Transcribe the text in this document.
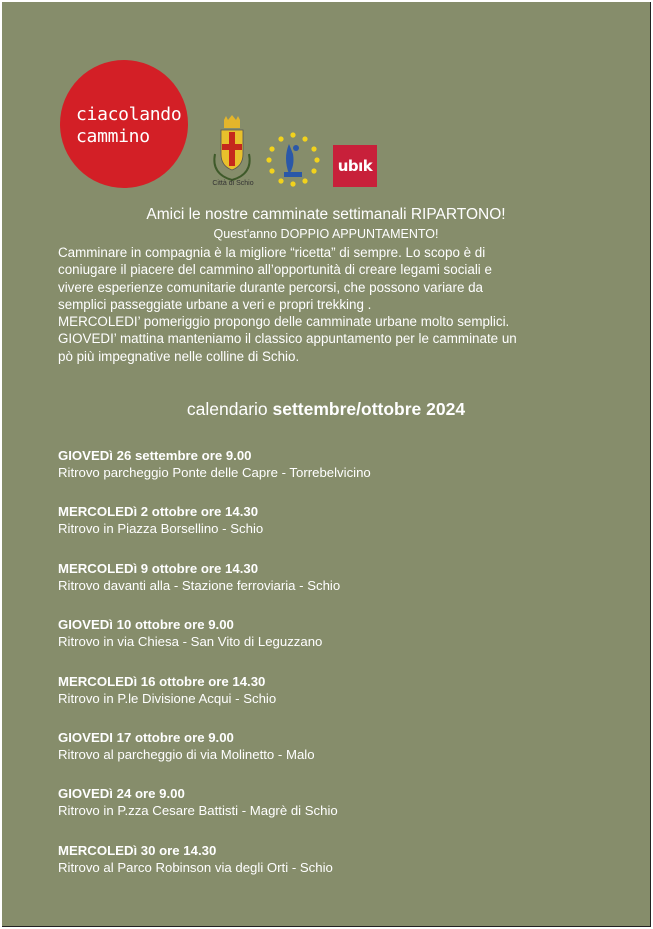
ciacolando
cammino
Città di Schio
ubık
Amici le nostre camminate settimanali RIPARTONO!
Quest'anno DOPPIO APPUNTAMENTO!

Camminare in compagnia è la migliore “ricetta” di sempre. Lo scopo è di

coniugare il piacere del cammino all’opportunità di creare legami sociali e

vivere esperienze comunitarie durante percorsi, che possono variare da

semplici passeggiate urbane a veri e propri trekking .

MERCOLEDI’ pomeriggio propongo delle camminate urbane molto semplici.

GIOVEDI’ mattina manteniamo il classico appuntamento per le camminate un

pò più impegnative nelle colline di Schio.

calendario settembre/ottobre 2024
GIOVEDì 26 settembre ore 9.00
Ritrovo parcheggio Ponte delle Capre - Torrebelvicino
MERCOLEDì 2 ottobre ore 14.30
Ritrovo in Piazza Borsellino - Schio
MERCOLEDì 9 ottobre ore 14.30
Ritrovo davanti alla - Stazione ferroviaria - Schio
GIOVEDì 10 ottobre ore 9.00
Ritrovo in via Chiesa - San Vito di Leguzzano
MERCOLEDì 16 ottobre ore 14.30
Ritrovo in P.le Divisione Acqui - Schio
GIOVEDI 17 ottobre ore 9.00
Ritrovo al parcheggio di via Molinetto - Malo
GIOVEDì 24 ore 9.00
Ritrovo in P.zza Cesare Battisti - Magrè di Schio
MERCOLEDì 30 ore 14.30
Ritrovo al Parco Robinson via degli Orti - Schio
